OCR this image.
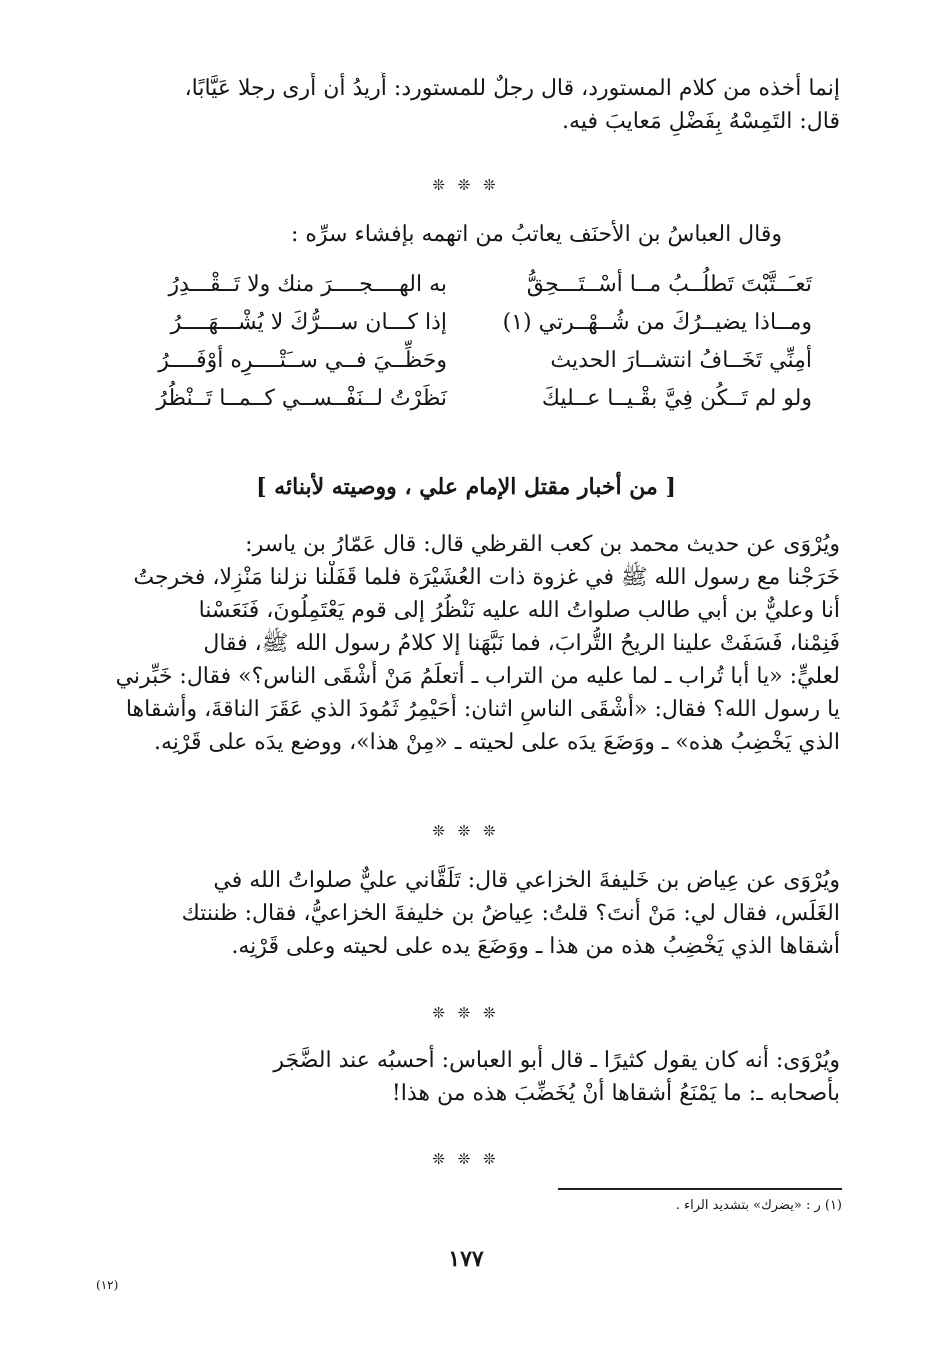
إنما أخذه من كلام المستورد، قال رجلٌ للمستورد: أُريدُ أن أَرى رجلا عَيَّابًا،
قال: التَمِسْهُ بِفَضْلِ مَعايبَ فيه.
❊ ❊ ❊
وقال العباسُ بن الأحنَف يعاتبُ من اتهمه بإفشاء سرِّه :
تَعـَــتَّبْتَ تَطلُــبُ مــا أسْــتَـــحِقُّ
به الهــــجــــرَ منك ولا تَــقْـــدِرُ
ومــاذا يضيــرُكَ من شُــهْــرتي (١)
إذا كـــان ســـرُّكَ لا يُشْـــهَــــرُ
أمِنِّي تَخَــافُ انتشــارَ الحديث
وحَظِّــيَ فــي ســَتْــــرِه أوْفَــــرُ
ولو لم تَــكُن فِيَّ بقْـيــا عــليكَ
نَظَرْتُ لــنَفْــســي كــمــا تَــنْظُرُ
[ من أخبار مقتل الإمام علي ، ووصيته لأبنائه ]
ويُرْوَى عن حديث محمد بن كعب القرظي قال: قال عَمّارُ بن ياسر:
خَرَجْنا مع رسول الله ﷺ في غزوة ذات العُشَيْرَة فلما قَفَلْنا نزلنا مَنْزِلا، فخرجتُ
أنا وعليٌّ بن أبي طالب صلواتُ الله عليه نَنْظُرُ إلى قوم يَعْتَمِلُونَ، فَنَعَسْنا
فَنِمْنا، فَسَفَتْ علينا الريحُ التُّرابَ، فما نَبَّهَنا إلا كلامُ رسول الله ﷺ، فقال
لعليٍّ: «يا أبا تُراب ـ لما عليه من التراب ـ أتعلَمُ مَنْ أَشْقَى الناس؟» فقال: خَبِّرني
يا رسول الله؟ فقال: «أَشْقَى الناسِ اثنان: أُحَيْمِرُ ثَمُودَ الذي عَقَرَ الناقةَ، وأشقاها
الذي يَخْضِبُ هذه» ـ ووَضَعَ يدَه على لحيته ـ «مِنْ هذا»، ووضع يدَه على قَرْنِه.
❊ ❊ ❊
ويُرْوَى عن عِياض بن خَليفةَ الخزاعي قال: تَلَقَّاني عليٌّ صلواتُ الله في
الغَلَس، فقال لي: مَنْ أنتَ؟ قلتُ: عِياضُ بن خليفةَ الخزاعيُّ، فقال: ظننتك
أشقاها الذي يَخْضِبُ هذه من هذا ـ ووَضَعَ يده على لحيته وعلى قَرْنِه.
❊ ❊ ❊
ويُرْوَى: أنه كان يقول كثيرًا ـ قال أبو العباس: أحسبُه عند الضَّجَر
بأصحابه ـ: ما يَمْنَعُ أشقاها أنْ يُخَضِّبَ هذه من هذا!
❊ ❊ ❊
(١) ر : «يضرك» بتشديد الراء .
١٧٧
(١٢)
